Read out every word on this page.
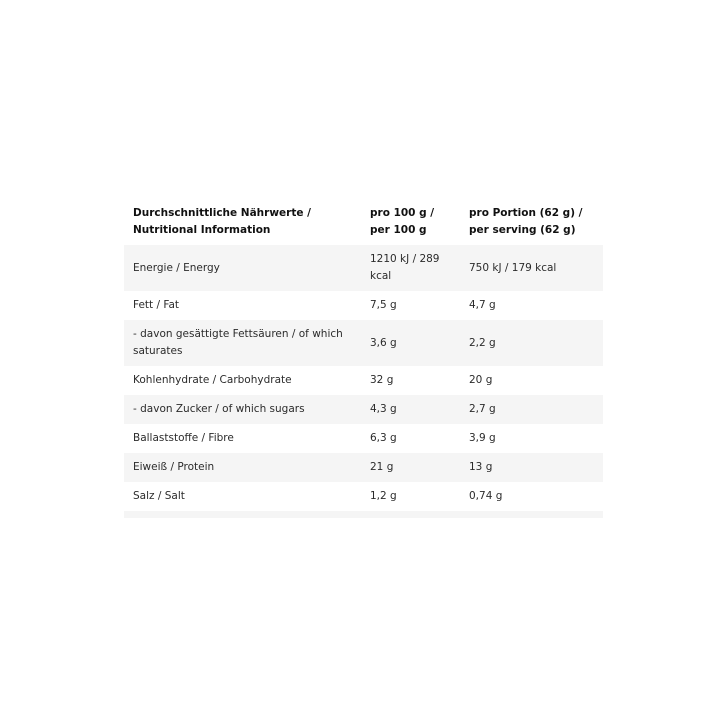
Durchschnittliche Nährwerte / Nutritional Information	pro 100 g / per 100 g	pro Portion (62 g) / per serving (62 g)
Energie / Energy	1210 kJ / 289 kcal	750 kJ / 179 kcal
Fett / Fat	7,5 g	4,7 g
- davon gesättigte Fettsäuren / of which saturates	3,6 g	2,2 g
Kohlenhydrate / Carbohydrate	32 g	20 g
- davon Zucker / of which sugars	4,3 g	2,7 g
Ballaststoffe / Fibre	6,3 g	3,9 g
Eiweiß / Protein	21 g	13 g
Salz / Salt	1,2 g	0,74 g
